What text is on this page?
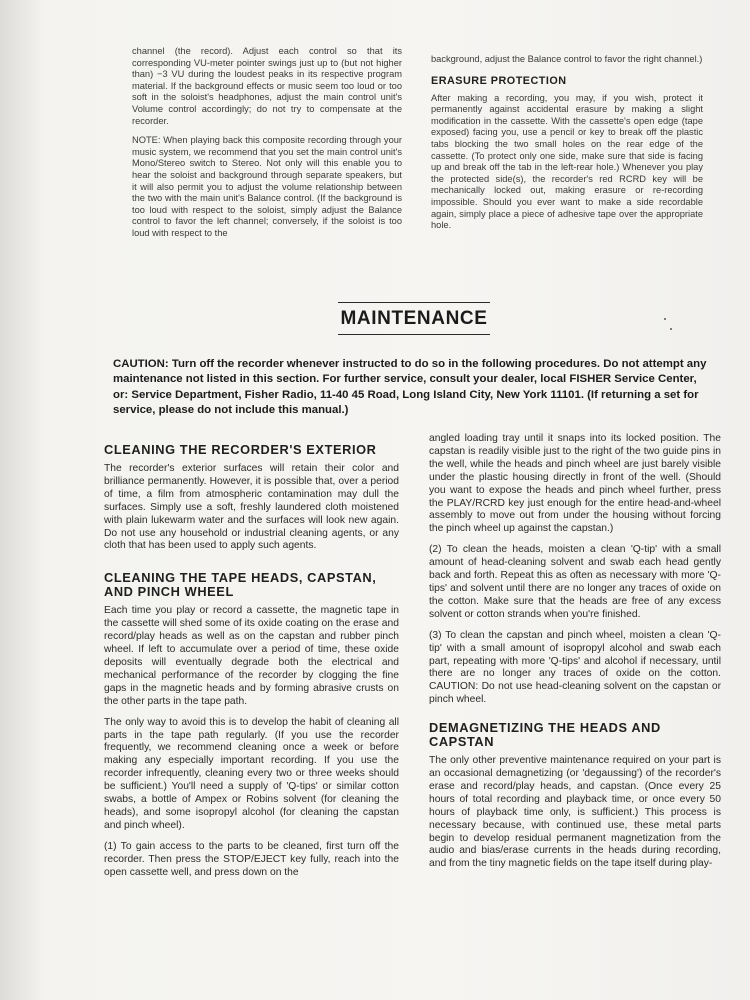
channel (the record). Adjust each control so that its corresponding VU-meter pointer swings just up to (but not higher than) −3 VU during the loudest peaks in its respective program material. If the background effects or music seem too loud or too soft in the soloist's headphones, adjust the main control unit's Volume control accordingly; do not try to compensate at the recorder.

NOTE: When playing back this composite recording through your music system, we recommend that you set the main control unit's Mono/Stereo switch to Stereo. Not only will this enable you to hear the soloist and background through separate speakers, but it will also permit you to adjust the volume relationship between the two with the main unit's Balance control. (If the background is too loud with respect to the soloist, simply adjust the Balance control to favor the left channel; conversely, if the soloist is too loud with respect to the

background, adjust the Balance control to favor the right channel.)

ERASURE PROTECTION

After making a recording, you may, if you wish, protect it permanently against accidental erasure by making a slight modification in the cassette. With the cassette's open edge (tape exposed) facing you, use a pencil or key to break off the plastic tabs blocking the two small holes on the rear edge of the cassette. (To protect only one side, make sure that side is facing up and break off the tab in the left-rear hole.) Whenever you play the protected side(s), the recorder's red RCRD key will be mechanically locked out, making erasure or re-recording impossible. Should you ever want to make a side recordable again, simply place a piece of adhesive tape over the appropriate hole.

MAINTENANCE

CAUTION: Turn off the recorder whenever instructed to do so in the following procedures. Do not attempt any maintenance not listed in this section. For further service, consult your dealer, local FISHER Service Center, or: Service Department, Fisher Radio, 11-40 45 Road, Long Island City, New York 11101. (If returning a set for service, please do not include this manual.)

CLEANING THE RECORDER'S EXTERIOR

The recorder's exterior surfaces will retain their color and brilliance permanently. However, it is possible that, over a period of time, a film from atmospheric contamination may dull the surfaces. Simply use a soft, freshly laundered cloth moistened with plain lukewarm water and the surfaces will look new again. Do not use any household or industrial cleaning agents, or any cloth that has been used to apply such agents.

CLEANING THE TAPE HEADS, CAPSTAN, AND PINCH WHEEL

Each time you play or record a cassette, the magnetic tape in the cassette will shed some of its oxide coating on the erase and record/play heads as well as on the capstan and rubber pinch wheel. If left to accumulate over a period of time, these oxide deposits will eventually degrade both the electrical and mechanical performance of the recorder by clogging the fine gaps in the magnetic heads and by forming abrasive crusts on the other parts in the tape path.

The only way to avoid this is to develop the habit of cleaning all parts in the tape path regularly. (If you use the recorder frequently, we recommend cleaning once a week or before making any especially important recording. If you use the recorder infrequently, cleaning every two or three weeks should be sufficient.) You'll need a supply of 'Q-tips' or similar cotton swabs, a bottle of Ampex or Robins solvent (for cleaning the heads), and some isopropyl alcohol (for cleaning the capstan and pinch wheel).

(1) To gain access to the parts to be cleaned, first turn off the recorder. Then press the STOP/EJECT key fully, reach into the open cassette well, and press down on the

angled loading tray until it snaps into its locked position. The capstan is readily visible just to the right of the two guide pins in the well, while the heads and pinch wheel are just barely visible under the plastic housing directly in front of the well. (Should you want to expose the heads and pinch wheel further, press the PLAY/RCRD key just enough for the entire head-and-wheel assembly to move out from under the housing without forcing the pinch wheel up against the capstan.)

(2) To clean the heads, moisten a clean 'Q-tip' with a small amount of head-cleaning solvent and swab each head gently back and forth. Repeat this as often as necessary with more 'Q-tips' and solvent until there are no longer any traces of oxide on the cotton. Make sure that the heads are free of any excess solvent or cotton strands when you're finished.

(3) To clean the capstan and pinch wheel, moisten a clean 'Q-tip' with a small amount of isopropyl alcohol and swab each part, repeating with more 'Q-tips' and alcohol if necessary, until there are no longer any traces of oxide on the cotton. CAUTION: Do not use head-cleaning solvent on the capstan or pinch wheel.

DEMAGNETIZING THE HEADS AND CAPSTAN

The only other preventive maintenance required on your part is an occasional demagnetizing (or 'degaussing') of the recorder's erase and record/play heads, and capstan. (Once every 25 hours of total recording and playback time, or once every 50 hours of playback time only, is sufficient.) This process is necessary because, with continued use, these metal parts begin to develop residual permanent magnetization from the audio and bias/erase currents in the heads during recording, and from the tiny magnetic fields on the tape itself during play-
